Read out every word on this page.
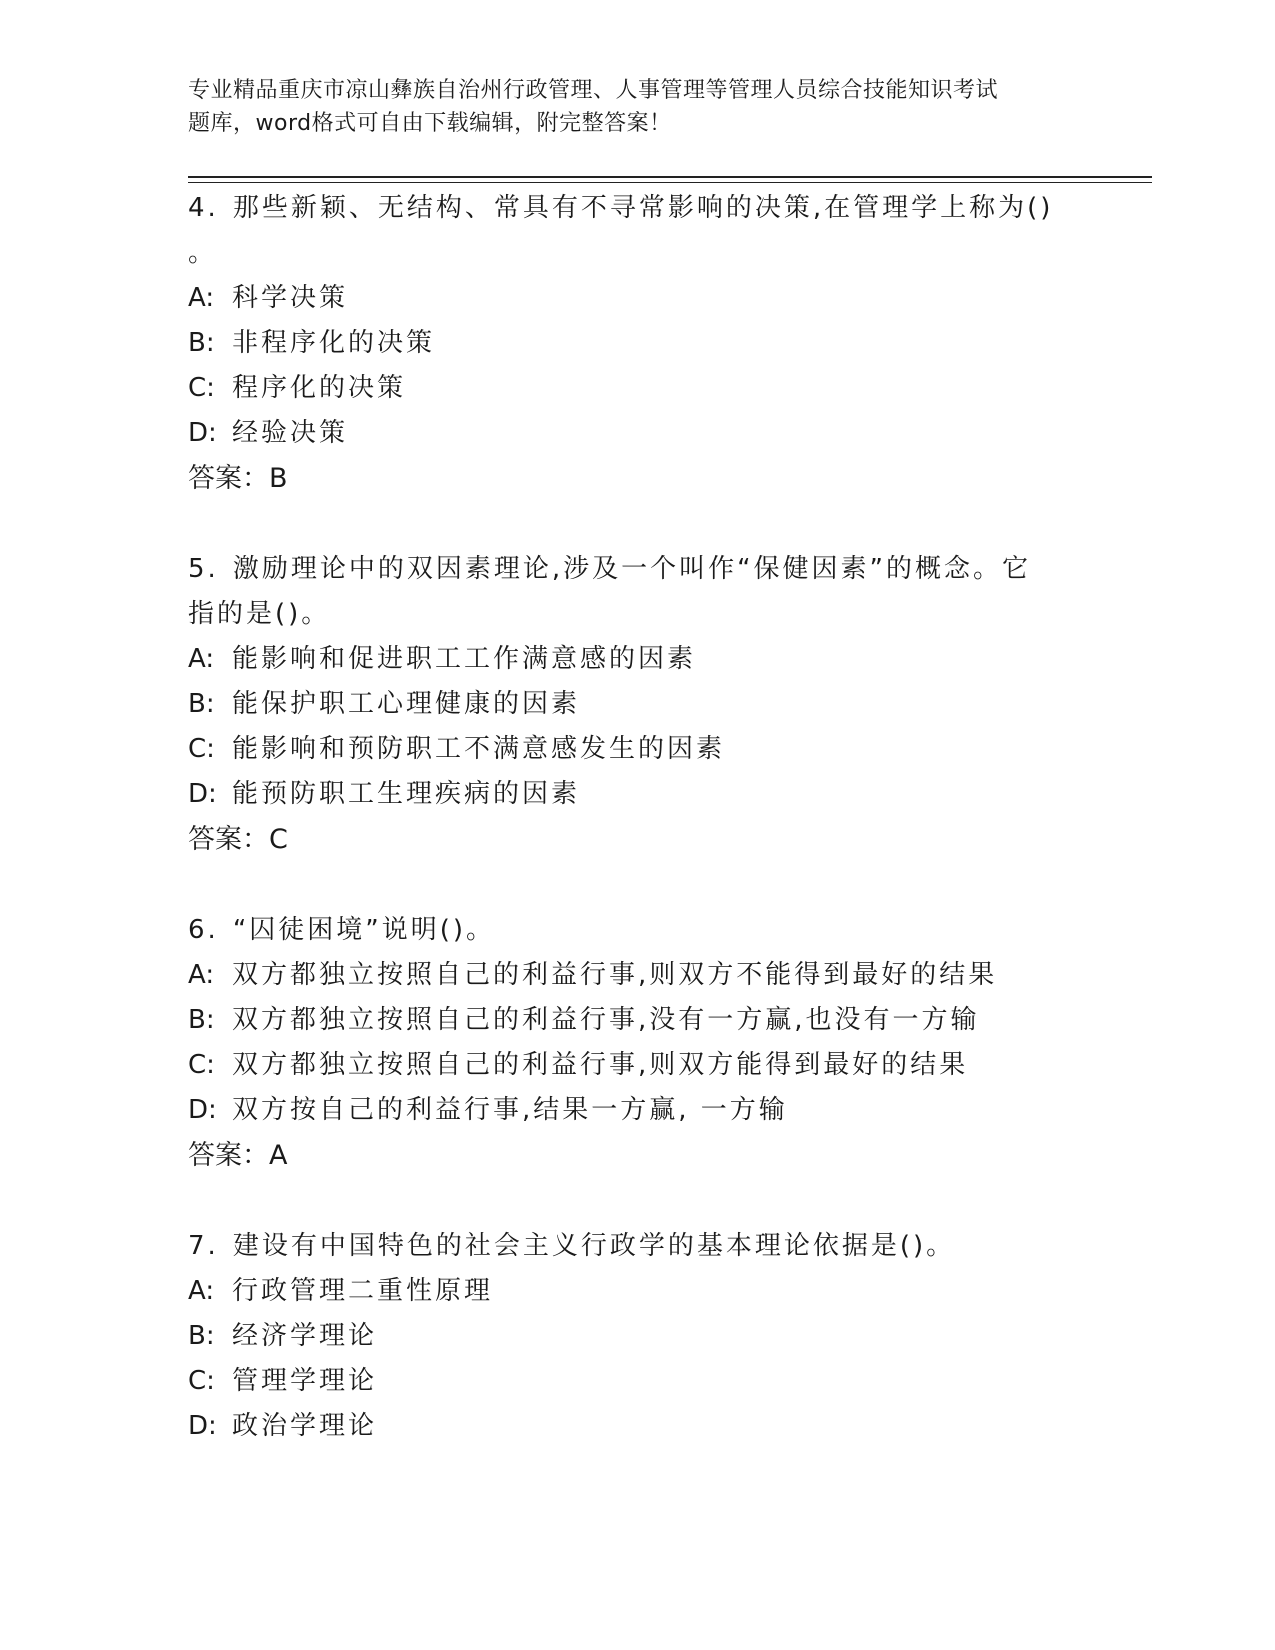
专业精品重庆市凉山彝族自治州行政管理、人事管理等管理人员综合技能知识考试
题库，word格式可自由下载编辑，附完整答案！
4. 那些新颖、无结构、常具有不寻常影响的决策,在管理学上称为()
。
A: 科学决策
B: 非程序化的决策
C: 程序化的决策
D: 经验决策
答案：B
5. 激励理论中的双因素理论,涉及一个叫作“保健因素”的概念。它
指的是()。
A: 能影响和促进职工工作满意感的因素
B: 能保护职工心理健康的因素
C: 能影响和预防职工不满意感发生的因素
D: 能预防职工生理疾病的因素
答案：C
6. “囚徒困境”说明()。
A: 双方都独立按照自己的利益行事,则双方不能得到最好的结果
B: 双方都独立按照自己的利益行事,没有一方赢,也没有一方输
C: 双方都独立按照自己的利益行事,则双方能得到最好的结果
D: 双方按自己的利益行事,结果一方赢, 一方输
答案：A
7. 建设有中国特色的社会主义行政学的基本理论依据是()。
A: 行政管理二重性原理
B: 经济学理论
C: 管理学理论
D: 政治学理论
